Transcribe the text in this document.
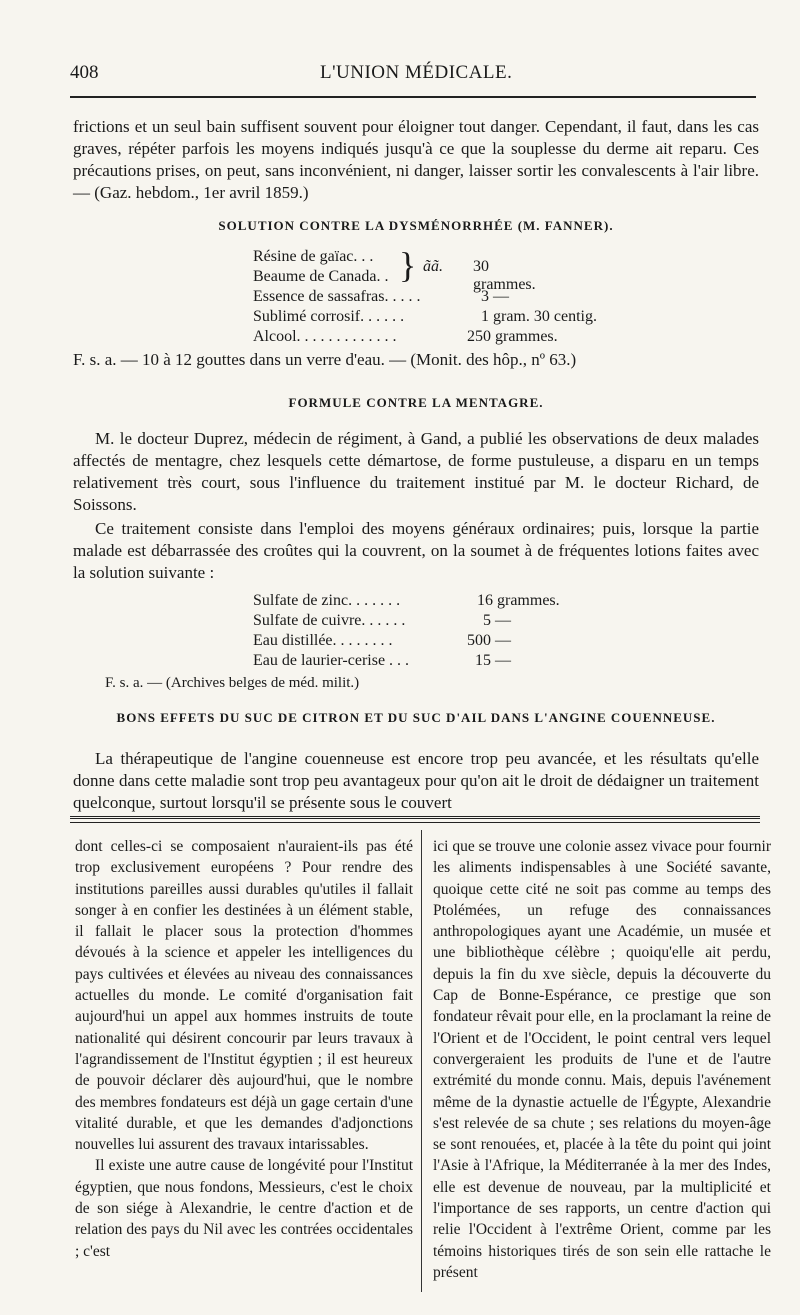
408	L'UNION MÉDICALE.
frictions et un seul bain suffisent souvent pour éloigner tout danger. Cependant, il faut, dans les cas graves, répéter parfois les moyens indiqués jusqu'à ce que la souplesse du derme ait reparu. Ces précautions prises, on peut, sans inconvénient, ni danger, laisser sortir les convalescents à l'air libre. — (Gaz. hebdom., 1er avril 1859.)
SOLUTION CONTRE LA DYSMÉNORRHÉE (M. FANNER).
Résine de gaïac. . .
Beaume de Canada. . } ãã. 30 grammes.
Essence de sassafras. . . . .	3 —
Sublimé corrosif. . . . . .	1 gram. 30 centig.
Alcool. . . . . . . . . . . . .	250 grammes.
F. s. a. — 10 à 12 gouttes dans un verre d'eau. — (Monit. des hôp., nº 63.)
FORMULE CONTRE LA MENTAGRE.
M. le docteur Duprez, médecin de régiment, à Gand, a publié les observations de deux malades affectés de mentagre, chez lesquels cette démartose, de forme pustuleuse, a disparu en un temps relativement très court, sous l'influence du traitement institué par M. le docteur Richard, de Soissons.
Ce traitement consiste dans l'emploi des moyens généraux ordinaires; puis, lorsque la partie malade est débarrassée des croûtes qui la couvrent, on la soumet à de fréquentes lotions faites avec la solution suivante :
Sulfate de zinc. . . . . . .	16 grammes.
Sulfate de cuivre. . . . . .	5 —
Eau distillée. . . . . . . .	500 —
Eau de laurier-cerise . . .	15 —
F. s. a. — (Archives belges de méd. milit.)
BONS EFFETS DU SUC DE CITRON ET DU SUC D'AIL DANS L'ANGINE COUENNEUSE.
La thérapeutique de l'angine couenneuse est encore trop peu avancée, et les résultats qu'elle donne dans cette maladie sont trop peu avantageux pour qu'on ait le droit de dédaigner un traitement quelconque, surtout lorsqu'il se présente sous le couvert

dont celles-ci se composaient n'auraient-ils pas été trop exclusivement européens ? Pour rendre des institutions pareilles aussi durables qu'utiles il fallait songer à en confier les destinées à un élément stable, il fallait le placer sous la protection d'hommes dévoués à la science et appeler les intelligences du pays cultivées et élevées au niveau des connaissances actuelles du monde. Le comité d'organisation fait aujourd'hui un appel aux hommes instruits de toute nationalité qui désirent concourir par leurs travaux à l'agrandissement de l'Institut égyptien ; il est heureux de pouvoir déclarer dès aujourd'hui, que le nombre des membres fondateurs est déjà un gage certain d'une vitalité durable, et que les demandes d'adjonctions nouvelles lui assurent des travaux intarissables.

Il existe une autre cause de longévité pour l'Institut égyptien, que nous fondons, Messieurs, c'est le choix de son siége à Alexandrie, le centre d'action et de relation des pays du Nil avec les contrées occidentales ; c'est

ici que se trouve une colonie assez vivace pour fournir les aliments indispensables à une Société savante, quoique cette cité ne soit pas comme au temps des Ptolémées, un refuge des connaissances anthropologiques ayant une Académie, un musée et une bibliothèque célèbre ; quoiqu'elle ait perdu, depuis la fin du xve siècle, depuis la découverte du Cap de Bonne-Espérance, ce prestige que son fondateur rêvait pour elle, en la proclamant la reine de l'Orient et de l'Occident, le point central vers lequel convergeraient les produits de l'une et de l'autre extrémité du monde connu. Mais, depuis l'avénement même de la dynastie actuelle de l'Égypte, Alexandrie s'est relevée de sa chute ; ses relations du moyen-âge se sont renouées, et, placée à la tête du point qui joint l'Asie à l'Afrique, la Méditerranée à la mer des Indes, elle est devenue de nouveau, par la multiplicité et l'importance de ses rapports, un centre d'action qui relie l'Occident à l'extrême Orient, comme par les témoins historiques tirés de son sein elle rattache le présent
